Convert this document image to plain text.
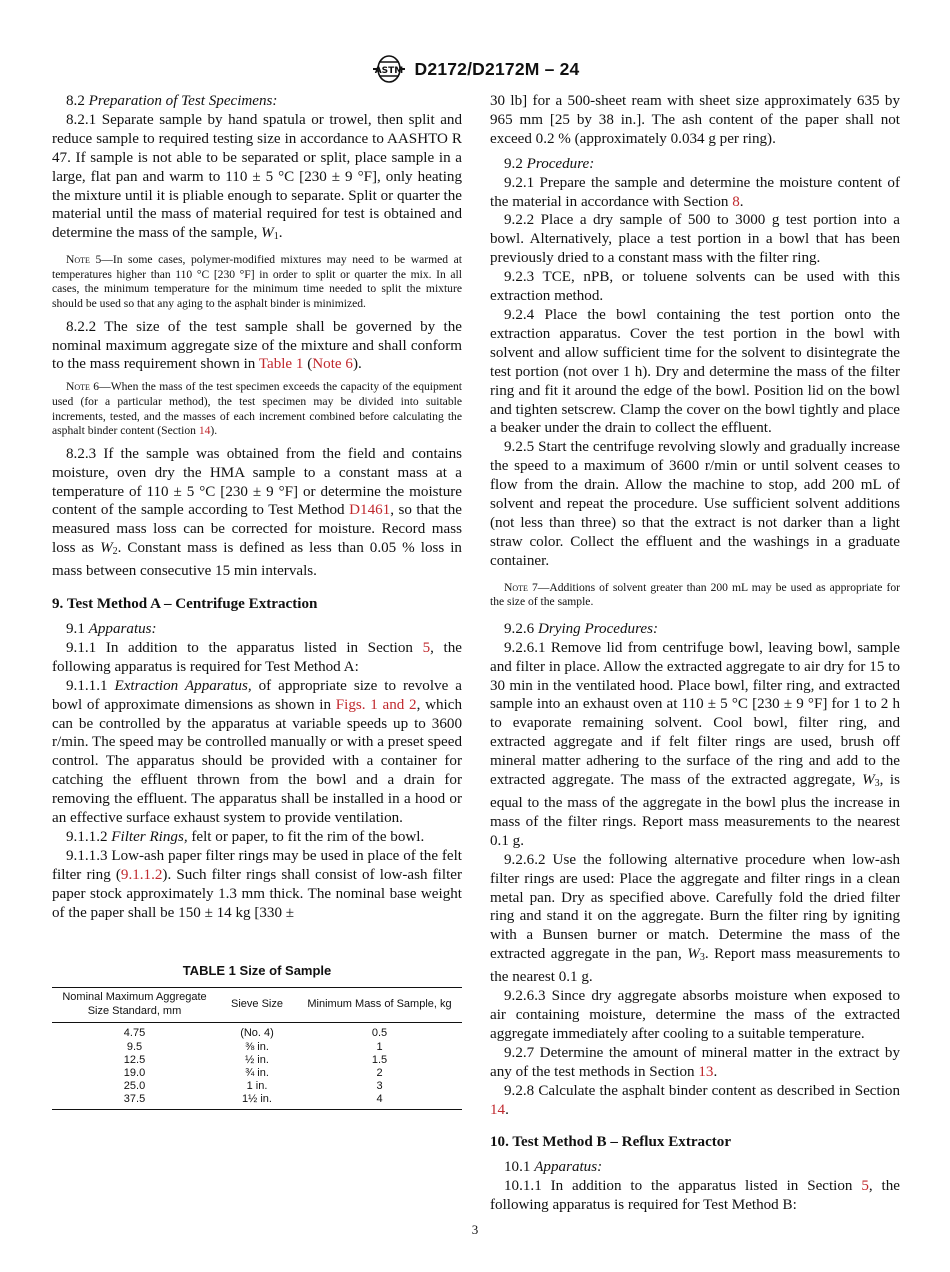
ASTM D2172/D2172M – 24

8.2 Preparation of Test Specimens:

8.2.1 Separate sample by hand spatula or trowel, then split and reduce sample to required testing size in accordance to AASHTO R 47. If sample is not able to be separated or split, place sample in a large, flat pan and warm to 110 ± 5 °C [230 ± 9 °F], only heating the mixture until it is pliable enough to separate. Split or quarter the material until the mass of material required for test is obtained and determine the mass of the sample, $W_1$.

Note 5—In some cases, polymer-modified mixtures may need to be warmed at temperatures higher than 110 °C [230 °F] in order to split or quarter the mix. In all cases, the minimum temperature for the minimum time needed to split the mixture should be used so that any aging to the asphalt binder is minimized.

8.2.2 The size of the test sample shall be governed by the nominal maximum aggregate size of the mixture and shall conform to the mass requirement shown in Table 1 (Note 6).

Note 6—When the mass of the test specimen exceeds the capacity of the equipment used (for a particular method), the test specimen may be divided into suitable increments, tested, and the masses of each increment combined before calculating the asphalt binder content (Section 14).

8.2.3 If the sample was obtained from the field and contains moisture, oven dry the HMA sample to a constant mass at a temperature of 110 ± 5 °C [230 ± 9 °F] or determine the moisture content of the sample according to Test Method D1461, so that the measured mass loss can be corrected for moisture. Record mass loss as $W_2$. Constant mass is defined as less than 0.05 % loss in mass between consecutive 15 min intervals.

9. Test Method A – Centrifuge Extraction

9.1 Apparatus:

9.1.1 In addition to the apparatus listed in Section 5, the following apparatus is required for Test Method A:

9.1.1.1 Extraction Apparatus, of appropriate size to revolve a bowl of approximate dimensions as shown in Figs. 1 and 2, which can be controlled by the apparatus at variable speeds up to 3600 r/min. The speed may be controlled manually or with a preset speed control. The apparatus should be provided with a container for catching the effluent thrown from the bowl and a drain for removing the effluent. The apparatus shall be installed in a hood or an effective surface exhaust system to provide ventilation.

9.1.1.2 Filter Rings, felt or paper, to fit the rim of the bowl.

9.1.1.3 Low-ash paper filter rings may be used in place of the felt filter ring (9.1.1.2). Such filter rings shall consist of low-ash filter paper stock approximately 1.3 mm thick. The nominal base weight of the paper shall be 150 ± 14 kg [330 ±

TABLE 1 Size of Sample

Nominal Maximum Aggregate Size Standard, mm	Sieve Size	Minimum Mass of Sample, kg
4.75	(No. 4)	0.5
9.5	⅜ in.	1
12.5	½ in.	1.5
19.0	¾ in.	2
25.0	1 in.	3
37.5	1½ in.	4

30 lb] for a 500-sheet ream with sheet size approximately 635 by 965 mm [25 by 38 in.]. The ash content of the paper shall not exceed 0.2 % (approximately 0.034 g per ring).

9.2 Procedure:

9.2.1 Prepare the sample and determine the moisture content of the material in accordance with Section 8.

9.2.2 Place a dry sample of 500 to 3000 g test portion into a bowl. Alternatively, place a test portion in a bowl that has been previously dried to a constant mass with the filter ring.

9.2.3 TCE, nPB, or toluene solvents can be used with this extraction method.

9.2.4 Place the bowl containing the test portion onto the extraction apparatus. Cover the test portion in the bowl with solvent and allow sufficient time for the solvent to disintegrate the test portion (not over 1 h). Dry and determine the mass of the filter ring and fit it around the edge of the bowl. Position lid on the bowl and tighten setscrew. Clamp the cover on the bowl tightly and place a beaker under the drain to collect the effluent.

9.2.5 Start the centrifuge revolving slowly and gradually increase the speed to a maximum of 3600 r/min or until solvent ceases to flow from the drain. Allow the machine to stop, add 200 mL of solvent and repeat the procedure. Use sufficient solvent additions (not less than three) so that the extract is not darker than a light straw color. Collect the effluent and the washings in a graduate container.

Note 7—Additions of solvent greater than 200 mL may be used as appropriate for the size of the sample.

9.2.6 Drying Procedures:

9.2.6.1 Remove lid from centrifuge bowl, leaving bowl, sample and filter in place. Allow the extracted aggregate to air dry for 15 to 30 min in the ventilated hood. Place bowl, filter ring, and extracted sample into an exhaust oven at 110 ± 5 °C [230 ± 9 °F] for 1 to 2 h to evaporate remaining solvent. Cool bowl, filter ring, and extracted aggregate and if felt filter rings are used, brush off mineral matter adhering to the surface of the ring and add to the extracted aggregate. The mass of the extracted aggregate, $W_3$, is equal to the mass of the aggregate in the bowl plus the increase in mass of the filter rings. Report mass measurements to the nearest 0.1 g.

9.2.6.2 Use the following alternative procedure when low-ash filter rings are used: Place the aggregate and filter rings in a clean metal pan. Dry as specified above. Carefully fold the dried filter ring and stand it on the aggregate. Burn the filter ring by igniting with a Bunsen burner or match. Determine the mass of the extracted aggregate in the pan, $W_3$. Report mass measurements to the nearest 0.1 g.

9.2.6.3 Since dry aggregate absorbs moisture when exposed to air containing moisture, determine the mass of the extracted aggregate immediately after cooling to a suitable temperature.

9.2.7 Determine the amount of mineral matter in the extract by any of the test methods in Section 13.

9.2.8 Calculate the asphalt binder content as described in Section 14.

10. Test Method B – Reflux Extractor

10.1 Apparatus:

10.1.1 In addition to the apparatus listed in Section 5, the following apparatus is required for Test Method B:

3
